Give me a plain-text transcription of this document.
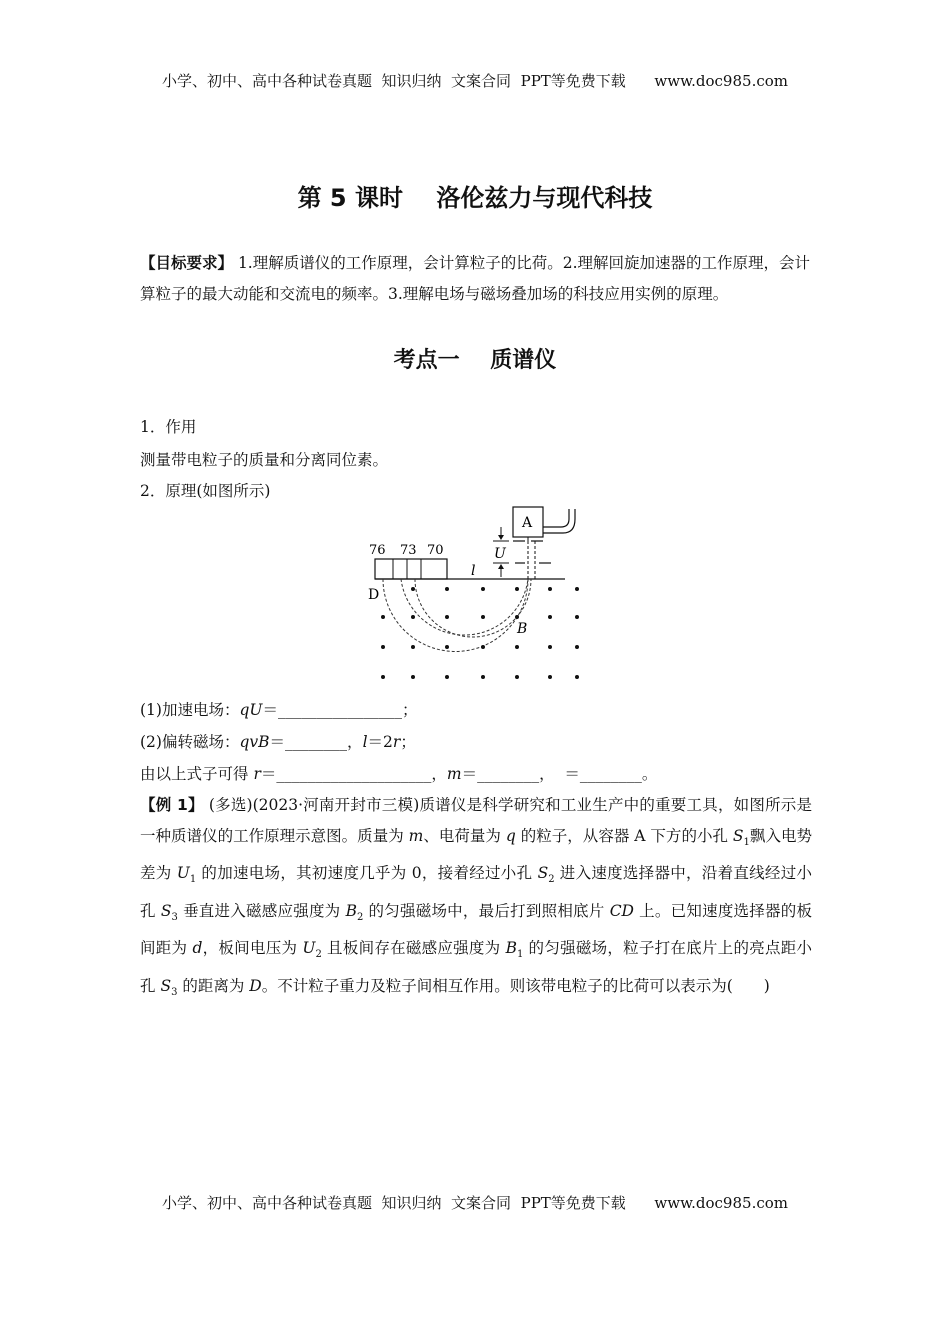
小学、初中、高中各种试卷真题  知识归纳  文案合同  PPT等免费下载      www.doc985.com
第 5 课时    洛伦兹力与现代科技
【目标要求】 1.理解质谱仪的工作原理，会计算粒子的比荷。2.理解回旋加速器的工作原理，会计算粒子的最大动能和交流电的频率。3.理解电场与磁场叠加场的科技应用实例的原理。
考点一    质谱仪
1．作用
测量带电粒子的质量和分离同位素。
2．原理(如图所示)
A
U
76 73 70
l
D
B
(1)加速电场：qU＝________________；
(2)偏转磁场：qvB＝________，l＝2r；
由以上式子可得 r＝____________________，m＝________，  ＝________。
【例 1】 (多选)(2023·河南开封市三模)质谱仪是科学研究和工业生产中的重要工具，如图所示是一种质谱仪的工作原理示意图。质量为 m、电荷量为 q 的粒子，从容器 A 下方的小孔 $S_1$飘入电势差为 $U_1$ 的加速电场，其初速度几乎为 0，接着经过小孔 $S_2$ 进入速度选择器中，沿着直线经过小孔 $S_3$ 垂直进入磁感应强度为 $B_2$ 的匀强磁场中，最后打到照相底片 CD 上。已知速度选择器的板间距为 d，板间电压为 $U_2$ 且板间存在磁感应强度为 $B_1$ 的匀强磁场，粒子打在底片上的亮点距小孔 $S_3$ 的距离为 D。不计粒子重力及粒子间相互作用。则该带电粒子的比荷可以表示为(　　)
小学、初中、高中各种试卷真题  知识归纳  文案合同  PPT等免费下载      www.doc985.com
